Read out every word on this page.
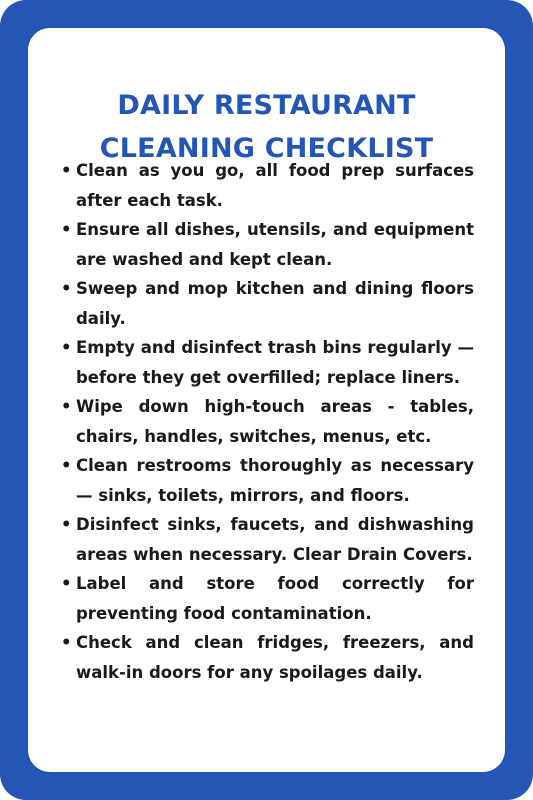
DAILY RESTAURANT
CLEANING CHECKLIST
• Clean as you go, all food prep surfaces after each task.
• Ensure all dishes, utensils, and equipment are washed and kept clean.
• Sweep and mop kitchen and dining floors daily.
• Empty and disinfect trash bins regularly — before they get overfilled; replace liners.
• Wipe down high-touch areas - tables, chairs, handles, switches, menus, etc.
• Clean restrooms thoroughly as necessary — sinks, toilets, mirrors, and floors.
• Disinfect sinks, faucets, and dishwashing areas when necessary. Clear Drain Covers.
• Label and store food correctly for preventing food contamination.
• Check and clean fridges, freezers, and walk-in doors for any spoilages daily.
